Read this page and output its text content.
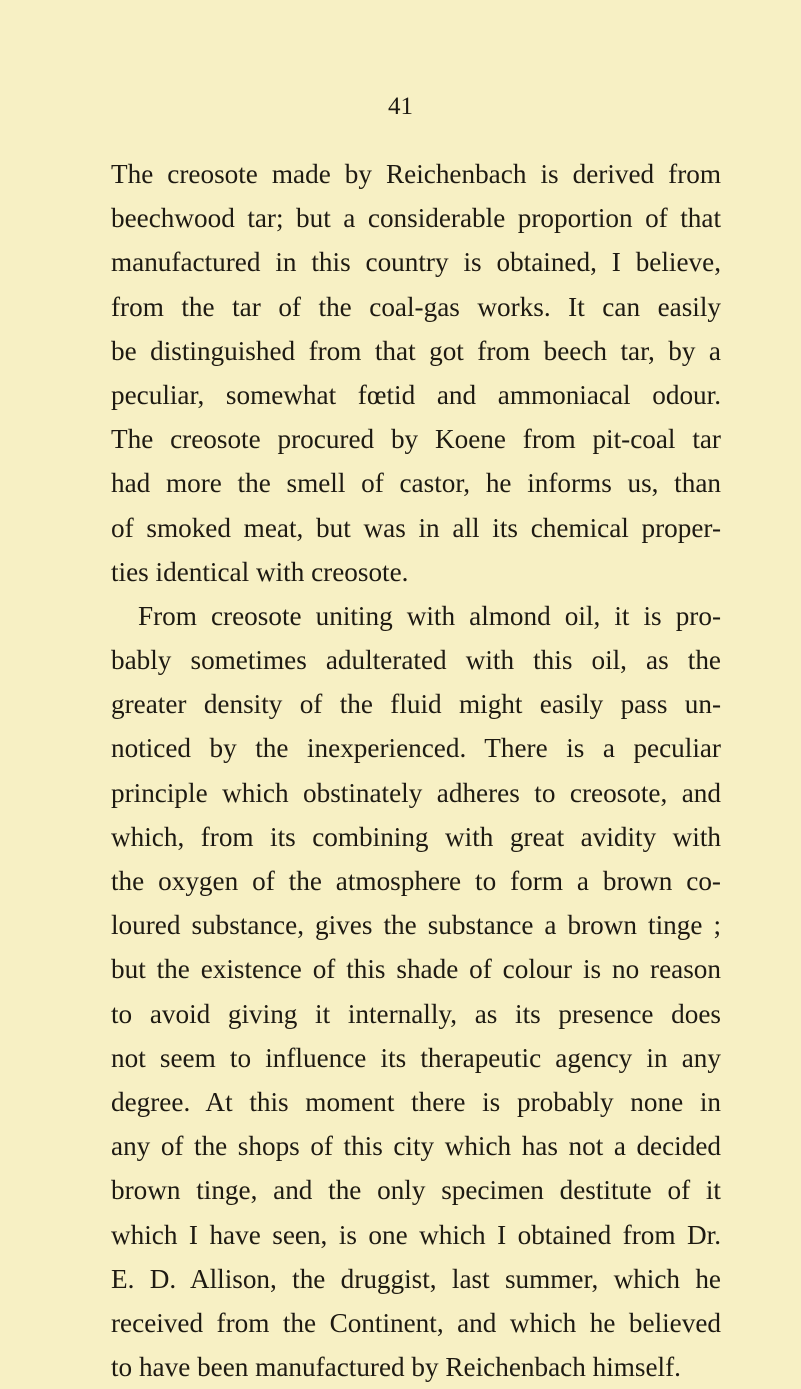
41
The creosote made by Reichenbach is derived from
beechwood tar; but a considerable proportion of that
manufactured in this country is obtained, I believe,
from the tar of the coal-gas works. It can easily
be distinguished from that got from beech tar, by a
peculiar, somewhat fœtid and ammoniacal odour.
The creosote procured by Koene from pit-coal tar
had more the smell of castor, he informs us, than
of smoked meat, but was in all its chemical proper-
ties identical with creosote.
From creosote uniting with almond oil, it is pro-
bably sometimes adulterated with this oil, as the
greater density of the fluid might easily pass un-
noticed by the inexperienced. There is a peculiar
principle which obstinately adheres to creosote, and
which, from its combining with great avidity with
the oxygen of the atmosphere to form a brown co-
loured substance, gives the substance a brown tinge ;
but the existence of this shade of colour is no reason
to avoid giving it internally, as its presence does
not seem to influence its therapeutic agency in any
degree. At this moment there is probably none in
any of the shops of this city which has not a decided
brown tinge, and the only specimen destitute of it
which I have seen, is one which I obtained from Dr.
E. D. Allison, the druggist, last summer, which he
received from the Continent, and which he believed
to have been manufactured by Reichenbach himself.
